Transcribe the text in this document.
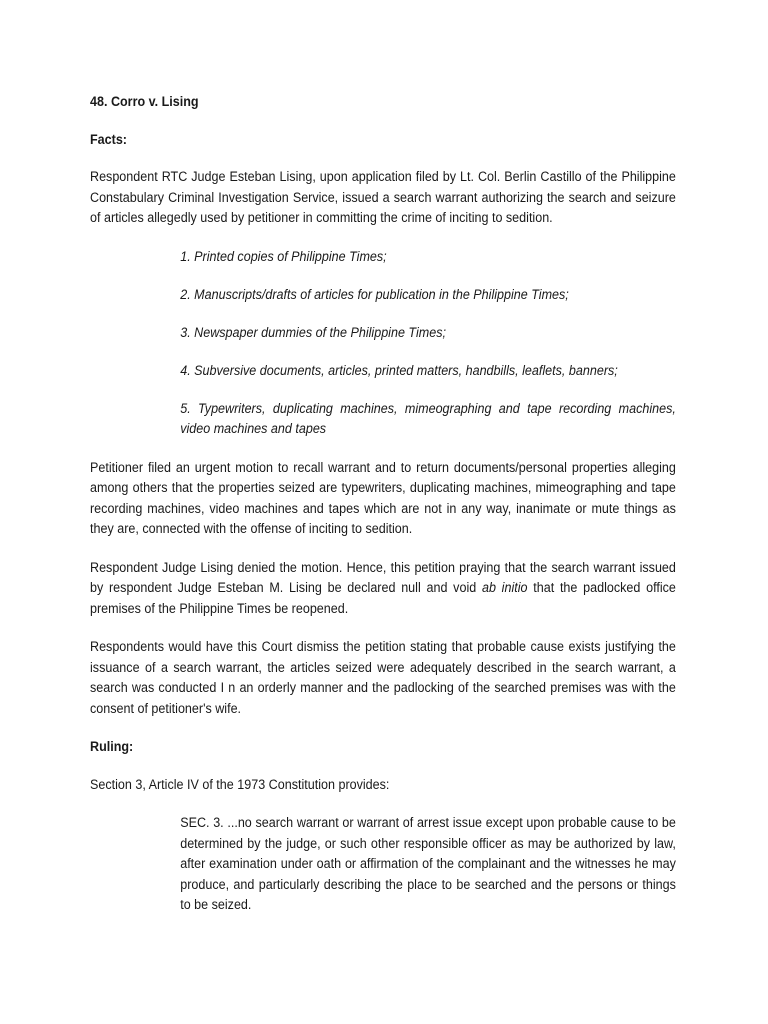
48. Corro v. Lising
Facts:

Respondent RTC Judge Esteban Lising, upon application filed by Lt. Col. Berlin Castillo of the Philippine Constabulary Criminal Investigation Service, issued a search warrant authorizing the search and seizure of articles allegedly used by petitioner in committing the crime of inciting to sedition.

1. Printed copies of Philippine Times;
2. Manuscripts/drafts of articles for publication in the Philippine Times;
3. Newspaper dummies of the Philippine Times;
4. Subversive documents, articles, printed matters, handbills, leaflets, banners;
5. Typewriters, duplicating machines, mimeographing and tape recording machines, video machines and tapes

Petitioner filed an urgent motion to recall warrant and to return documents/personal properties alleging among others that the properties seized are typewriters, duplicating machines, mimeographing and tape recording machines, video machines and tapes which are not in any way, inanimate or mute things as they are, connected with the offense of inciting to sedition.

Respondent Judge Lising denied the motion. Hence, this petition praying that the search warrant issued by respondent Judge Esteban M. Lising be declared null and void ab initio that the padlocked office premises of the Philippine Times be reopened.

Respondents would have this Court dismiss the petition stating that probable cause exists justifying the issuance of a search warrant, the articles seized were adequately described in the search warrant, a search was conducted I n an orderly manner and the padlocking of the searched premises was with the consent of petitioner's wife.

Ruling:

Section 3, Article IV of the 1973 Constitution provides:

SEC. 3. ...no search warrant or warrant of arrest issue except upon probable cause to be determined by the judge, or such other responsible officer as may be authorized by law, after examination under oath or affirmation of the complainant and the witnesses he may produce, and particularly describing the place to be searched and the persons or things to be seized.
